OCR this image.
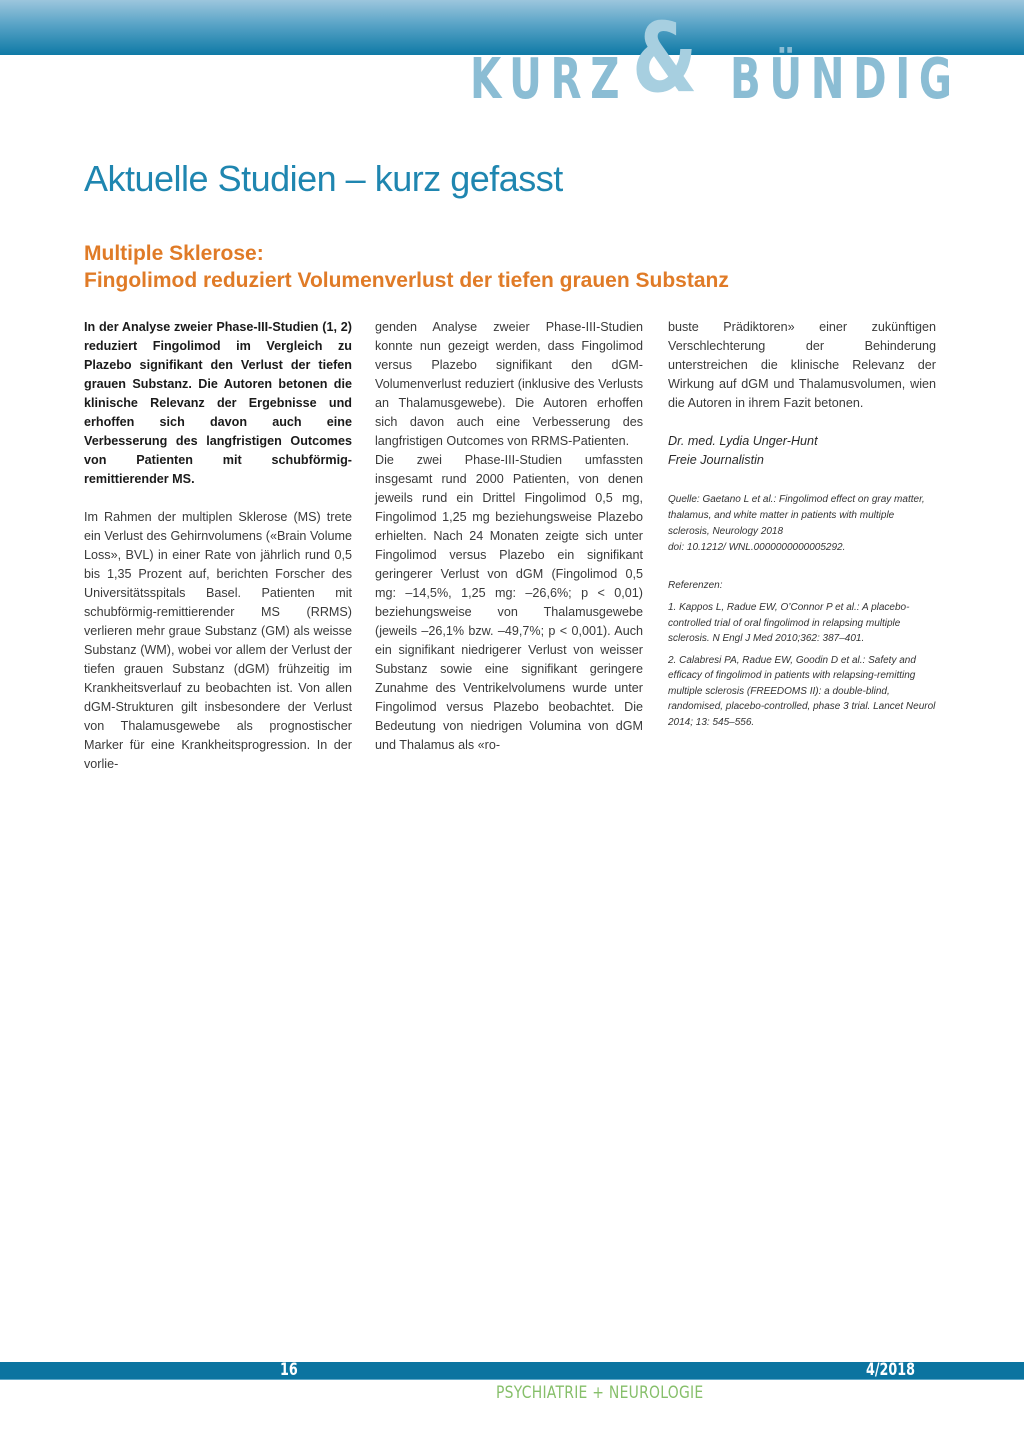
KURZ & BÜNDIG
Aktuelle Studien – kurz gefasst
Multiple Sklerose:
Fingolimod reduziert Volumenverlust der tiefen grauen Substanz

In der Analyse zweier Phase-III-Studien (1, 2) reduziert Fingolimod im Vergleich zu Plazebo signifikant den Verlust der tiefen grauen Substanz. Die Autoren betonen die klinische Relevanz der Ergebnisse und erhoffen sich davon auch eine Verbesserung des langfristigen Outcomes von Patienten mit schubförmig-remittierender MS.

Im Rahmen der multiplen Sklerose (MS) trete ein Verlust des Gehirnvolumens («Brain Volume Loss», BVL) in einer Rate von jährlich rund 0,5 bis 1,35 Prozent auf, berichten Forscher des Universitätsspitals Basel. Patienten mit schubförmig-remittierender MS (RRMS) verlieren mehr graue Substanz (GM) als weisse Substanz (WM), wobei vor allem der Verlust der tiefen grauen Substanz (dGM) frühzeitig im Krankheitsverlauf zu beobachten ist. Von allen dGM-Strukturen gilt insbesondere der Verlust von Thalamusgewebe als prognostischer Marker für eine Krankheitsprogression. In der vorlie-

genden Analyse zweier Phase-III-Studien konnte nun gezeigt werden, dass Fingolimod versus Plazebo signifikant den dGM-Volumenverlust reduziert (inklusive des Verlusts an Thalamusgewebe). Die Autoren erhoffen sich davon auch eine Verbesserung des langfristigen Outcomes von RRMS-Patienten.

Die zwei Phase-III-Studien umfassten insgesamt rund 2000 Patienten, von denen jeweils rund ein Drittel Fingolimod 0,5 mg, Fingolimod 1,25 mg beziehungsweise Plazebo erhielten. Nach 24 Monaten zeigte sich unter Fingolimod versus Plazebo ein signifikant geringerer Verlust von dGM (Fingolimod 0,5 mg: –14,5%, 1,25 mg: –26,6%; p < 0,01) beziehungsweise von Thalamusgewebe (jeweils –26,1% bzw. –49,7%; p < 0,001). Auch ein signifikant niedrigerer Verlust von weisser Substanz sowie eine signifikant geringere Zunahme des Ventrikelvolumens wurde unter Fingolimod versus Plazebo beobachtet. Die Bedeutung von niedrigen Volumina von dGM und Thalamus als «ro-

buste Prädiktoren» einer zukünftigen Verschlechterung der Behinderung unterstreichen die klinische Relevanz der Wirkung auf dGM und Thalamusvolumen, wien die Autoren in ihrem Fazit betonen.

Dr. med. Lydia Unger-Hunt
Freie Journalistin

Quelle: Gaetano L et al.: Fingolimod effect on gray matter, thalamus, and white matter in patients with multiple sclerosis, Neurology 2018
doi: 10.1212/ WNL.0000000000005292.

Referenzen:

1. Kappos L, Radue EW, O’Connor P et al.: A placebo-controlled trial of oral fingolimod in relapsing multiple sclerosis. N Engl J Med 2010;362: 387–401.

2. Calabresi PA, Radue EW, Goodin D et al.: Safety and efficacy of fingolimod in patients with relapsing-remitting multiple sclerosis (FREEDOMS II): a double-blind, randomised, placebo-controlled, phase 3 trial. Lancet Neurol 2014; 13: 545–556.

16	4/2018
PSYCHIATRIE + NEUROLOGIE
